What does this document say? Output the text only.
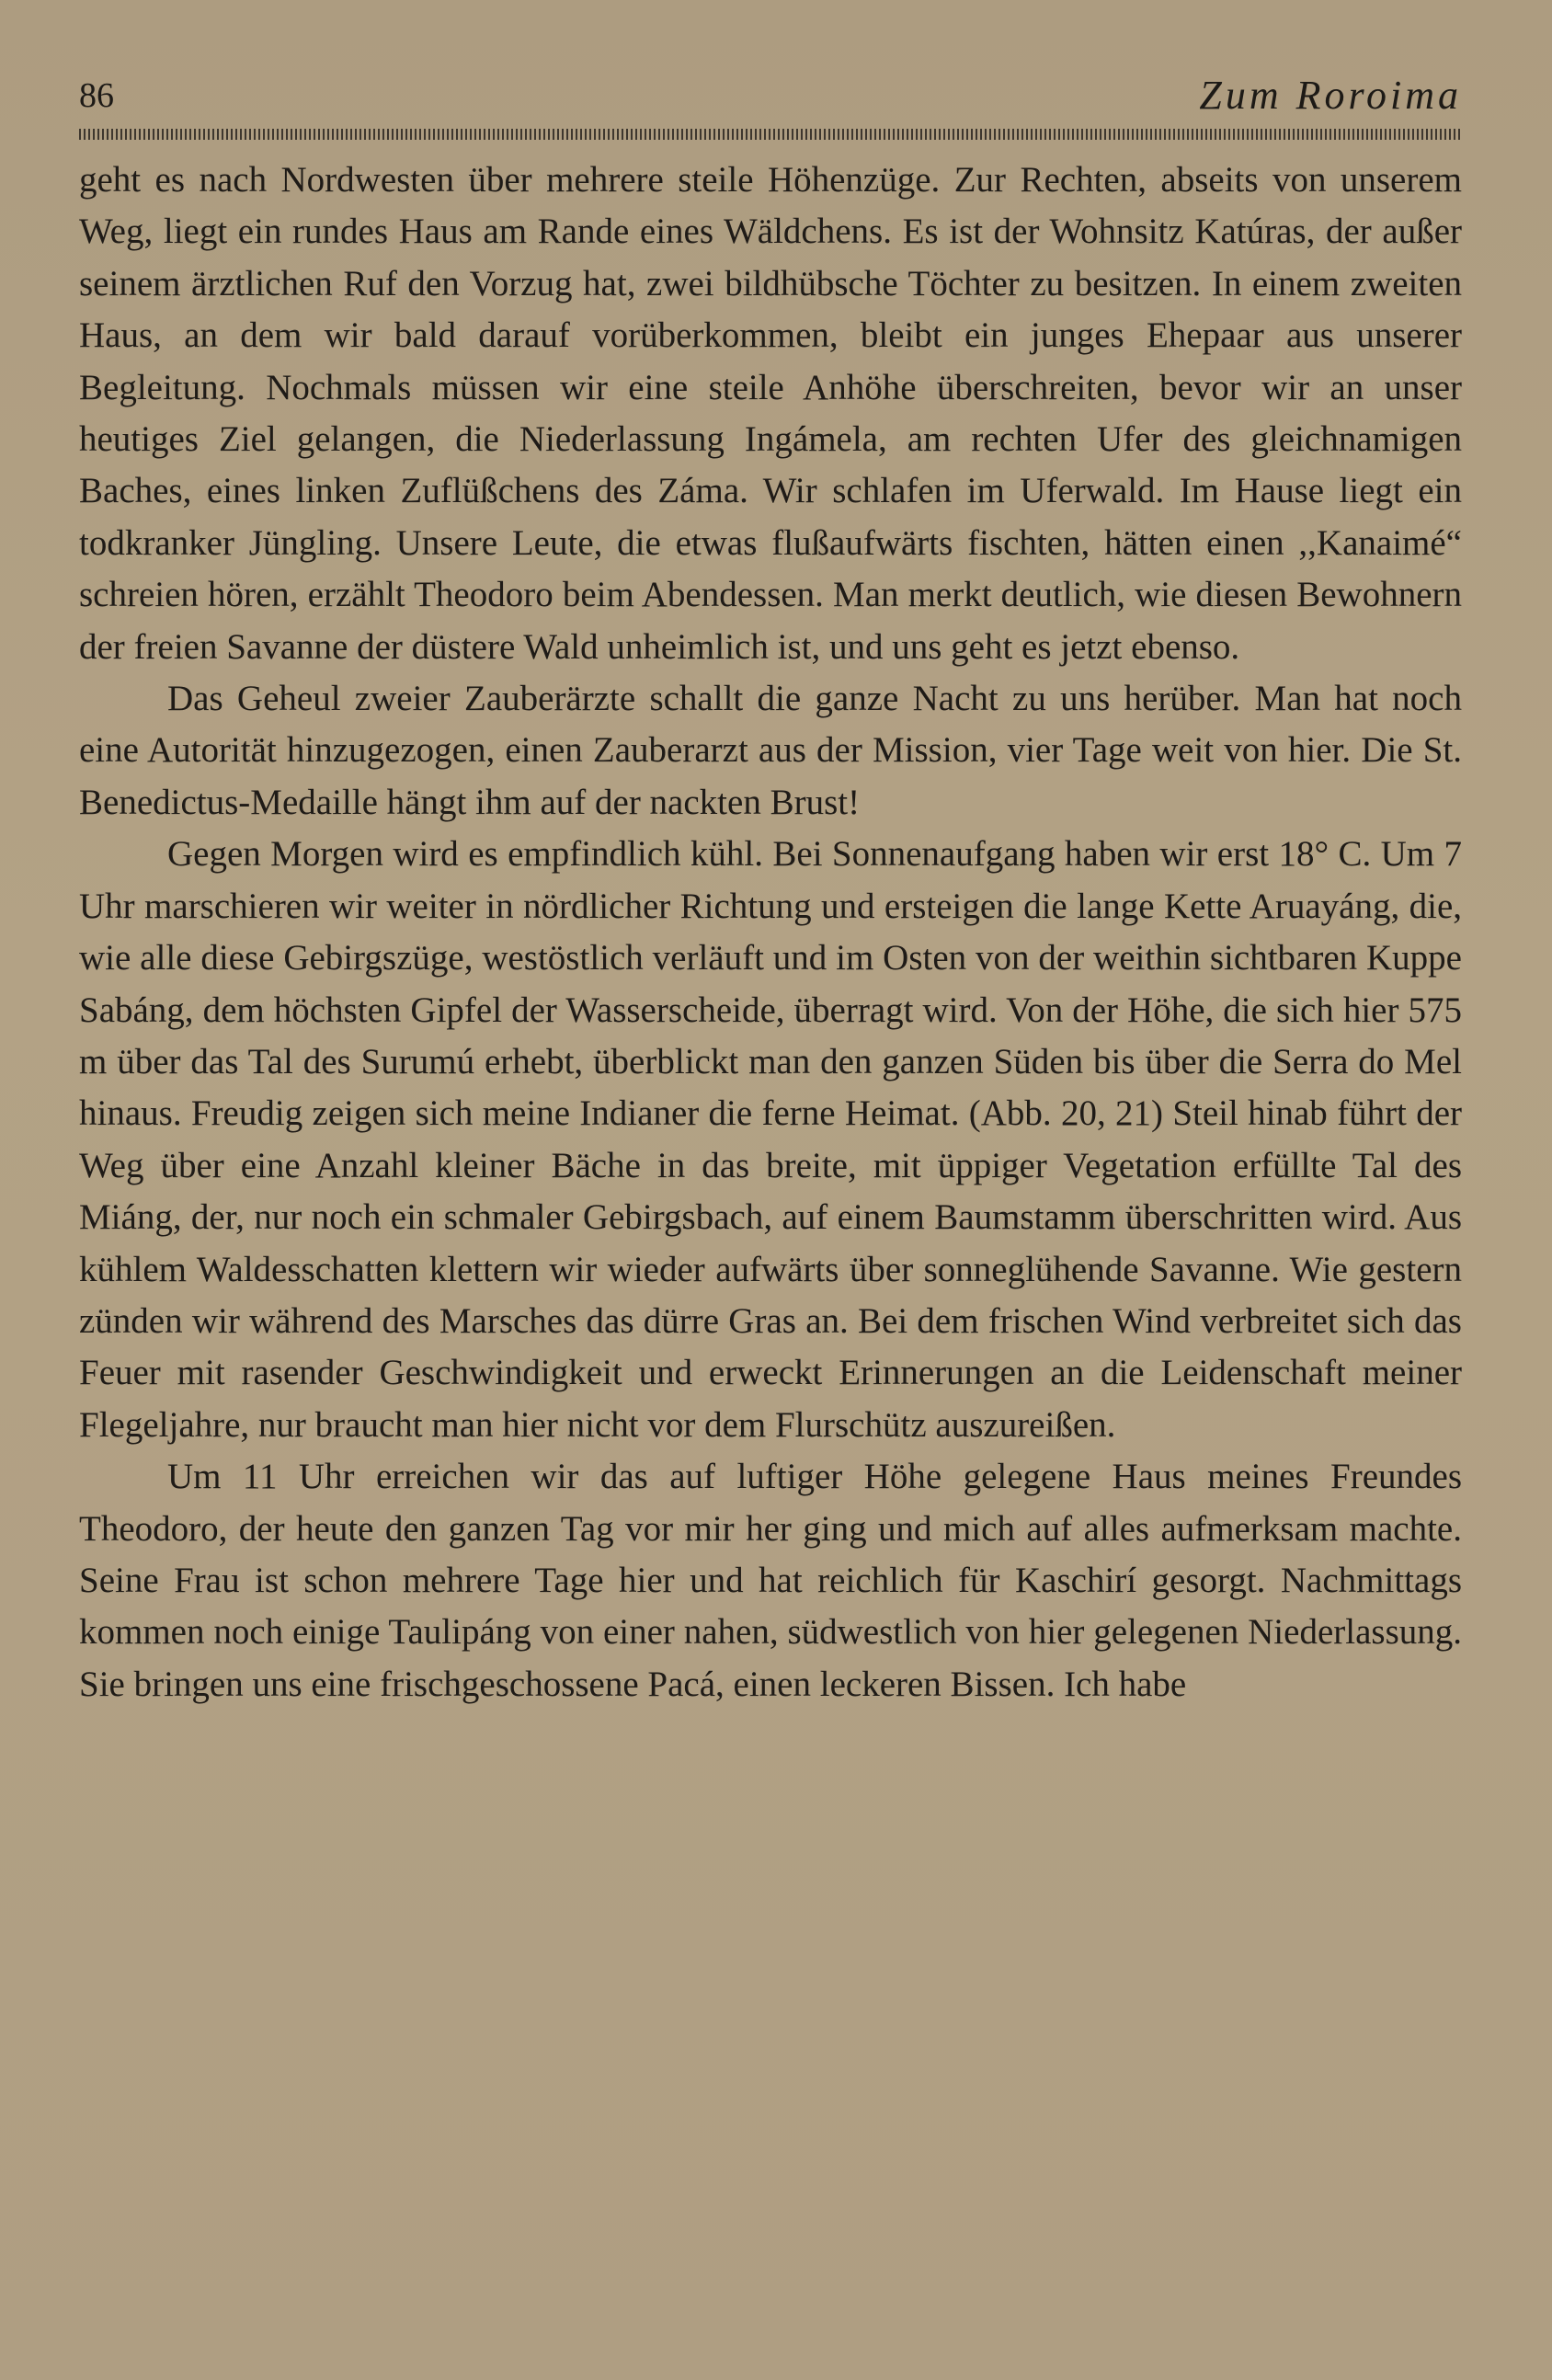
86	Zum Roroima

geht es nach Nordwesten über mehrere steile Höhenzüge. Zur Rechten, abseits von unserem Weg, liegt ein rundes Haus am Rande eines Wäldchens. Es ist der Wohnsitz Katúras, der außer seinem ärztlichen Ruf den Vorzug hat, zwei bildhübsche Töchter zu besitzen. In einem zweiten Haus, an dem wir bald darauf vorüberkommen, bleibt ein junges Ehepaar aus unserer Begleitung. Nochmals müssen wir eine steile Anhöhe überschreiten, bevor wir an unser heutiges Ziel gelangen, die Niederlassung Ingámela, am rechten Ufer des gleichnamigen Baches, eines linken Zuflüßchens des Záma. Wir schlafen im Uferwald. Im Hause liegt ein todkranker Jüngling. Unsere Leute, die etwas flußaufwärts fischten, hätten einen ,,Kanaimé“ schreien hören, erzählt Theodoro beim Abendessen. Man merkt deutlich, wie diesen Bewohnern der freien Savanne der düstere Wald unheimlich ist, und uns geht es jetzt ebenso.

Das Geheul zweier Zauberärzte schallt die ganze Nacht zu uns herüber. Man hat noch eine Autorität hinzugezogen, einen Zauberarzt aus der Mission, vier Tage weit von hier. Die St. Benedictus-Medaille hängt ihm auf der nackten Brust!

Gegen Morgen wird es empfindlich kühl. Bei Sonnenaufgang haben wir erst 18° C. Um 7 Uhr marschieren wir weiter in nördlicher Richtung und ersteigen die lange Kette Aruayáng, die, wie alle diese Gebirgszüge, westöstlich verläuft und im Osten von der weithin sichtbaren Kuppe Sabáng, dem höchsten Gipfel der Wasserscheide, überragt wird. Von der Höhe, die sich hier 575 m über das Tal des Surumú erhebt, überblickt man den ganzen Süden bis über die Serra do Mel hinaus. Freudig zeigen sich meine Indianer die ferne Heimat. (Abb. 20, 21) Steil hinab führt der Weg über eine Anzahl kleiner Bäche in das breite, mit üppiger Vegetation erfüllte Tal des Miáng, der, nur noch ein schmaler Gebirgsbach, auf einem Baumstamm überschritten wird. Aus kühlem Waldesschatten klettern wir wieder aufwärts über sonneglühende Savanne. Wie gestern zünden wir während des Marsches das dürre Gras an. Bei dem frischen Wind verbreitet sich das Feuer mit rasender Geschwindigkeit und erweckt Erinnerungen an die Leidenschaft meiner Flegeljahre, nur braucht man hier nicht vor dem Flurschütz auszureißen.

Um 11 Uhr erreichen wir das auf luftiger Höhe gelegene Haus meines Freundes Theodoro, der heute den ganzen Tag vor mir her ging und mich auf alles aufmerksam machte. Seine Frau ist schon mehrere Tage hier und hat reichlich für Kaschirí gesorgt. Nachmittags kommen noch einige Taulipáng von einer nahen, südwestlich von hier gelegenen Niederlassung. Sie bringen uns eine frischgeschossene Pacá, einen leckeren Bissen. Ich habe
